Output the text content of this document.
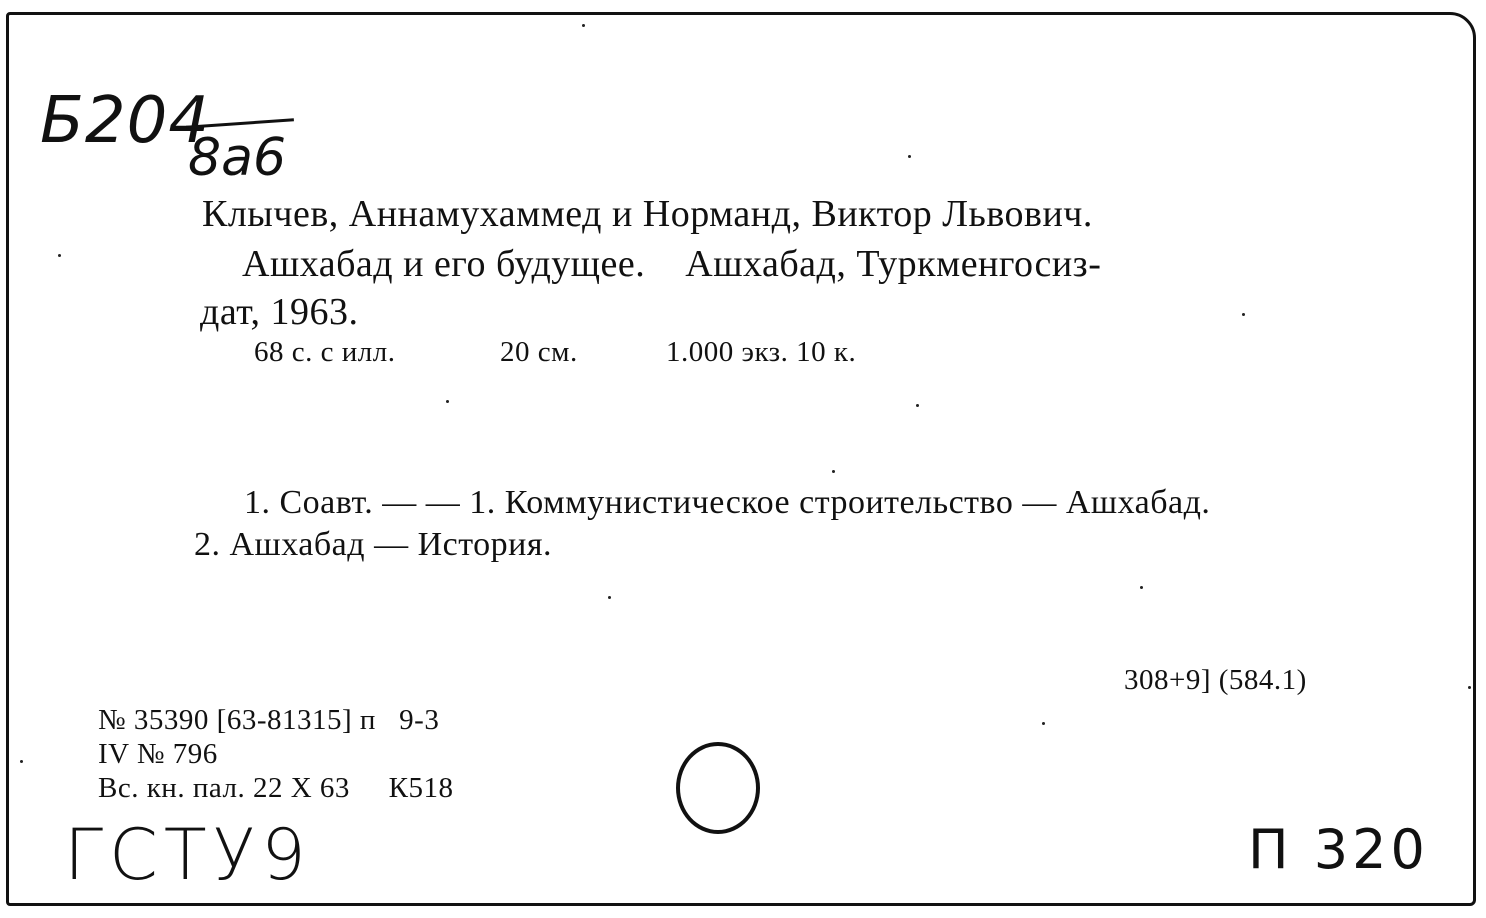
Б204
8а6
Клычев, Аннамухаммед и Норманд, Виктор Львович.
Ашхабад и его будущее.    Ашхабад, Туркменгосиз-
дат, 1963.
68 с. с илл.	20 см.	1.000 экз. 10 к.
1. Соавт. — — 1. Коммунистическое строительство — Ашхабад.
2. Ашхабад — История.
308+9] (584.1)
№ 35390 [63-81315] п   9-3
IV № 796
Вс. кн. пал. 22 X 63     К518
ГСТУ9	П 320
